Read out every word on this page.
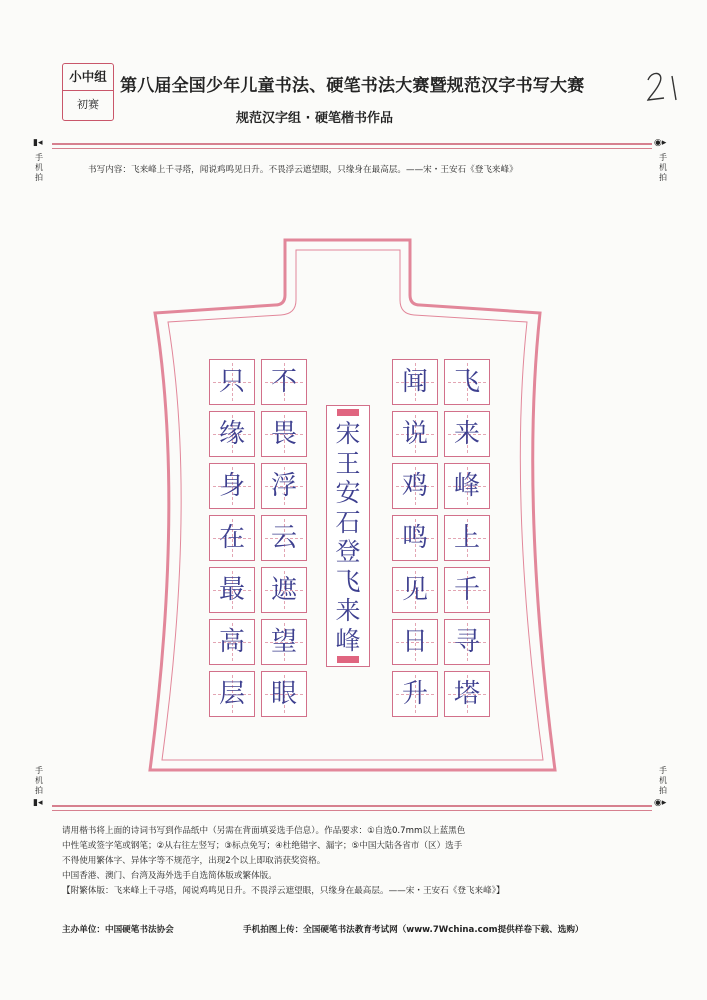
小中组
初赛
第八届全国少年儿童书法、硬笔书法大赛暨规范汉字书写大赛
规范汉字组 · 硬笔楷书作品
▮◂
手机拍
◉▸
手机拍
手机拍
▮◂
手机拍
◉▸
书写内容：飞来峰上千寻塔，闻说鸡鸣见日升。不畏浮云遮望眼，只缘身在最高层。——宋・王安石《登飞来峰》
飞
来
峰
上
千
寻
塔
闻
说
鸡
鸣
见
日
升
不
畏
浮
云
遮
望
眼
只
缘
身
在
最
高
层
宋
王
安
石
登
飞
来
峰
请用楷书将上面的诗词书写到作品纸中（另需在背面填妥选手信息）。作品要求：①自选0.7mm以上蓝黑色
中性笔或签字笔或钢笔；②从右往左竖写；③标点免写；④杜绝错字、漏字；⑤中国大陆各省市（区）选手
不得使用繁体字、异体字等不规范字，出现2个以上即取消获奖资格。
中国香港、澳门、台湾及海外选手自选简体版或繁体版。
【附繁体版：飞来峰上千寻塔，闻说鸡鸣见日升。不畏浮云遮望眼，只缘身在最高层。——宋・王安石《登飞来峰》】
主办单位：中国硬笔书法协会	手机拍图上传：全国硬笔书法教育考试网（www.7Wchina.com提供样卷下载、选购）
